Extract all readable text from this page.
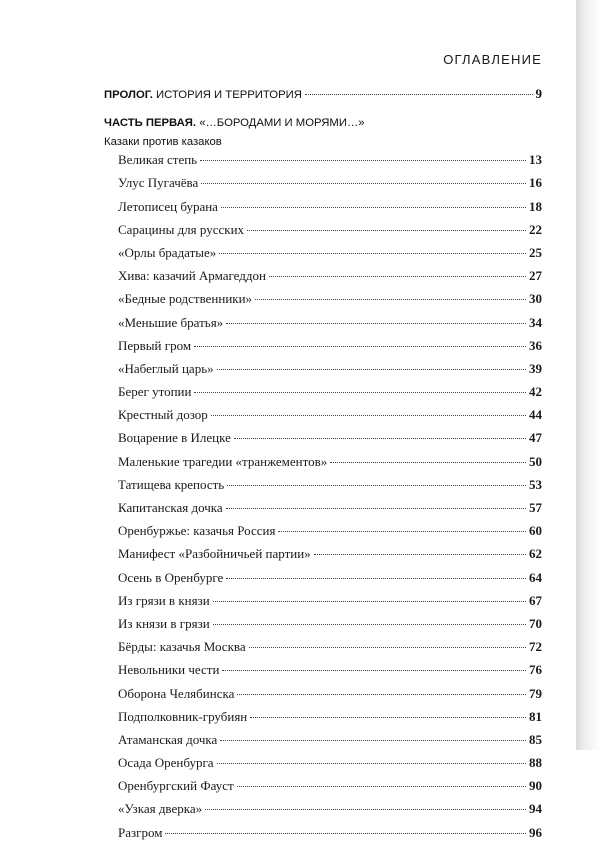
ОГЛАВЛЕНИЕ
ПРОЛОГ. ИСТОРИЯ И ТЕРРИТОРИЯ	9
ЧАСТЬ ПЕРВАЯ. «…БОРОДАМИ И МОРЯМИ…»
Казаки против казаков
Великая степь	13
Улус Пугачёва	16
Летописец бурана	18
Сарацины для русских	22
«Орлы брадатые»	25
Хива: казачий Армагеддон	27
«Бедные родственники»	30
«Меньшие братья»	34
Первый гром	36
«Набеглый царь»	39
Берег утопии	42
Крестный дозор	44
Воцарение в Илецке	47
Маленькие трагедии «транжементов»	50
Татищева крепость	53
Капитанская дочка	57
Оренбуржье: казачья Россия	60
Манифест «Разбойничьей партии»	62
Осень в Оренбурге	64
Из грязи в князи	67
Из князи в грязи	70
Бёрды: казачья Москва	72
Невольники чести	76
Оборона Челябинска	79
Подполковник-грубиян	81
Атаманская дочка	85
Осада Оренбурга	88
Оренбургский Фауст	90
«Узкая дверка»	94
Разгром	96
